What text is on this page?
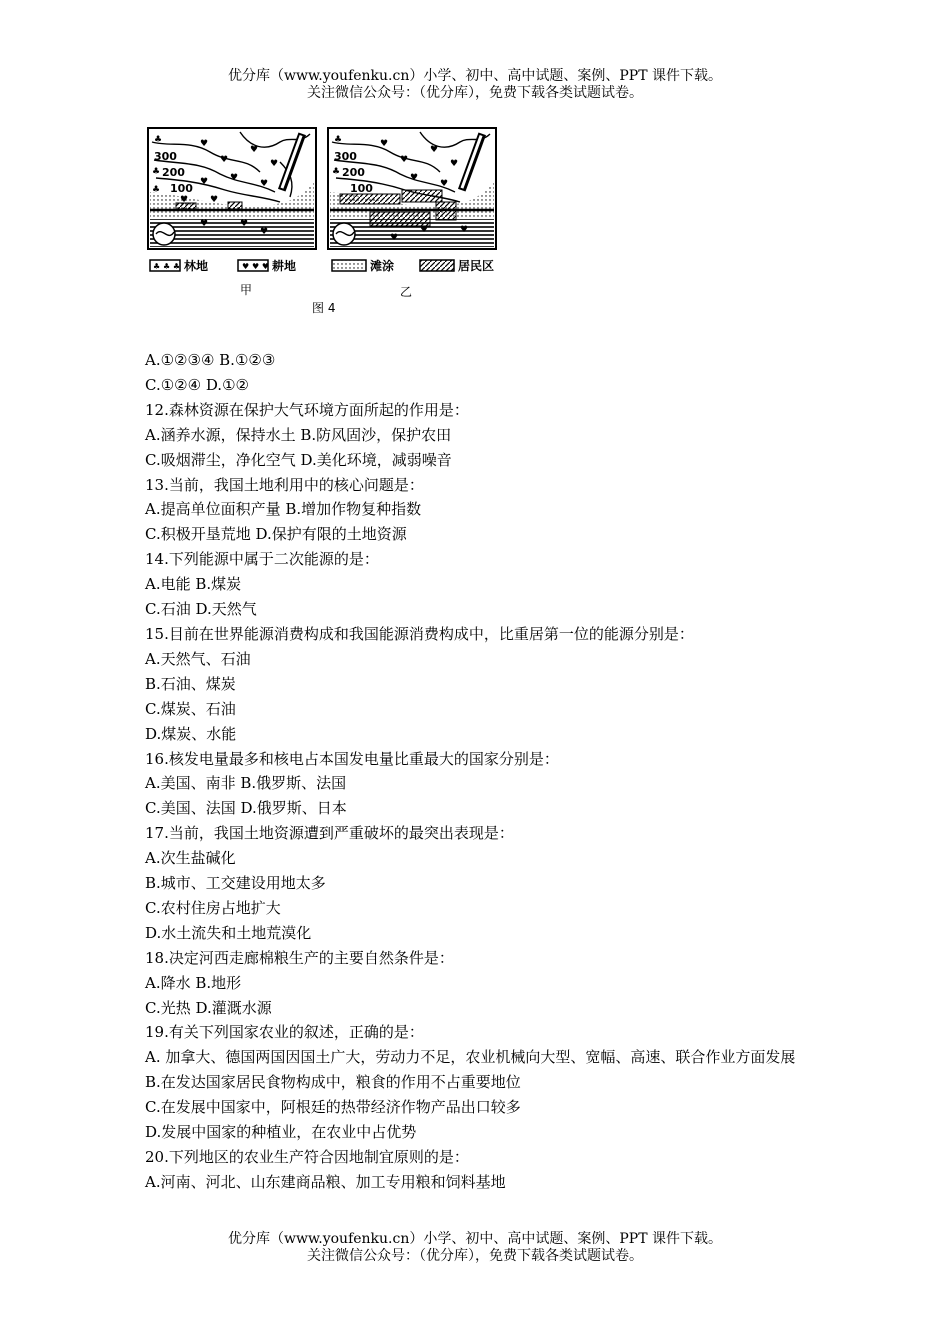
优分库（www.youfenku.cn）小学、初中、高中试题、案例、PPT 课件下载。
关注微信公众号：（优分库），免费下载各类试题试卷。
300
200
100
♣	♥
♥
♥
♥
♥
♥
♥ ♥
♥
♣
♣
♥
♥
♥
300
200
100
♣	♥
♥
♥
♥
♥
♥
♣
♥
♥
♥
♣ ♣ ♣ 林地	♥ ♥ ♥ 耕地	滩涂	居民区
甲	乙
图 4
A.①②③④ B.①②③
C.①②④ D.①②
12.森林资源在保护大气环境方面所起的作用是：
A.涵养水源，保持水土 B.防风固沙，保护农田
C.吸烟滞尘，净化空气 D.美化环境，减弱噪音
13.当前，我国土地利用中的核心问题是：
A.提高单位面积产量 B.增加作物复种指数
C.积极开垦荒地 D.保护有限的土地资源
14.下列能源中属于二次能源的是：
A.电能 B.煤炭
C.石油 D.天然气
15.目前在世界能源消费构成和我国能源消费构成中，比重居第一位的能源分别是：
A.天然气、石油
B.石油、煤炭
C.煤炭、石油
D.煤炭、水能
16.核发电量最多和核电占本国发电量比重最大的国家分别是：
A.美国、南非 B.俄罗斯、法国
C.美国、法国 D.俄罗斯、日本
17.当前，我国土地资源遭到严重破坏的最突出表现是：
A.次生盐碱化
B.城市、工交建设用地太多
C.农村住房占地扩大
D.水土流失和土地荒漠化
18.决定河西走廊棉粮生产的主要自然条件是：
A.降水 B.地形
C.光热 D.灌溉水源
19.有关下列国家农业的叙述，正确的是：
A. 加拿大、德国两国因国土广大，劳动力不足，农业机械向大型、宽幅、高速、联合作业方面发展
B.在发达国家居民食物构成中，粮食的作用不占重要地位
C.在发展中国家中，阿根廷的热带经济作物产品出口较多
D.发展中国家的种植业，在农业中占优势
20.下列地区的农业生产符合因地制宜原则的是：
A.河南、河北、山东建商品粮、加工专用粮和饲料基地
优分库（www.youfenku.cn）小学、初中、高中试题、案例、PPT 课件下载。
关注微信公众号：（优分库），免费下载各类试题试卷。
